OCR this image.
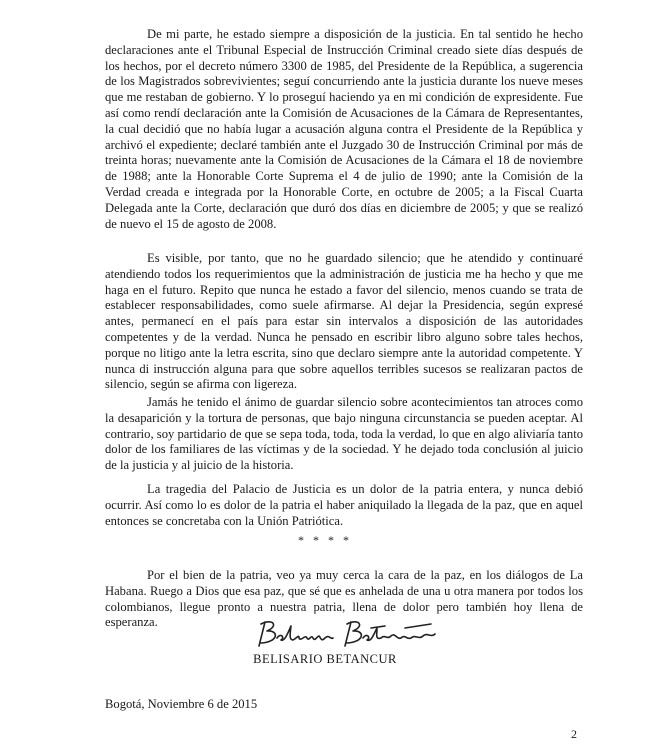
De mi parte, he estado siempre a disposición de la justicia. En tal sentido he hecho declaraciones ante el Tribunal Especial de Instrucción Criminal creado siete días después de los hechos, por el decreto número 3300 de 1985, del Presidente de la República, a sugerencia de los Magistrados sobrevivientes; seguí concurriendo ante la justicia durante los nueve meses que me restaban de gobierno. Y lo proseguí haciendo ya en mi condición de expresidente. Fue así como rendí declaración ante la Comisión de Acusaciones de la Cámara de Representantes, la cual decidió que no había lugar a acusación alguna contra el Presidente de la República y archivó el expediente; declaré también ante el Juzgado 30 de Instrucción Criminal por más de treinta horas; nuevamente ante la Comisión de Acusaciones de la Cámara el 18 de noviembre de 1988; ante la Honorable Corte Suprema el 4 de julio de 1990; ante la Comisión de la Verdad creada e integrada por la Honorable Corte, en octubre de 2005; a la Fiscal Cuarta Delegada ante la Corte, declaración que duró dos días en diciembre de 2005; y que se realizó de nuevo el 15 de agosto de 2008.

Es visible, por tanto, que no he guardado silencio; que he atendido y continuaré atendiendo todos los requerimientos que la administración de justicia me ha hecho y que me haga en el futuro. Repito que nunca he estado a favor del silencio, menos cuando se trata de establecer responsabilidades, como suele afirmarse. Al dejar la Presidencia, según expresé antes, permanecí en el país para estar sin intervalos a disposición de las autoridades competentes y de la verdad. Nunca he pensado en escribir libro alguno sobre tales hechos, porque no litigo ante la letra escrita, sino que declaro siempre ante la autoridad competente. Y nunca di instrucción alguna para que sobre aquellos terribles sucesos se realizaran pactos de silencio, según se afirma con ligereza.

Jamás he tenido el ánimo de guardar silencio sobre acontecimientos tan atroces como la desaparición y la tortura de personas, que bajo ninguna circunstancia se pueden aceptar. Al contrario, soy partidario de que se sepa toda, toda, toda la verdad, lo que en algo aliviaría tanto dolor de los familiares de las víctimas y de la sociedad. Y he dejado toda conclusión al juicio de la justicia y al juicio de la historia.

La tragedia del Palacio de Justicia es un dolor de la patria entera, y nunca debió ocurrir. Así como lo es dolor de la patria el haber aniquilado la llegada de la paz, que en aquel entonces se concretaba con la Unión Patriótica.

* * * *

Por el bien de la patria, veo ya muy cerca la cara de la paz, en los diálogos de La Habana. Ruego a Dios que esa paz, que sé que es anhelada de una u otra manera por todos los colombianos, llegue pronto a nuestra patria, llena de dolor pero también hoy llena de esperanza.

BELISARIO BETANCUR
Bogotá, Noviembre 6 de 2015
2
